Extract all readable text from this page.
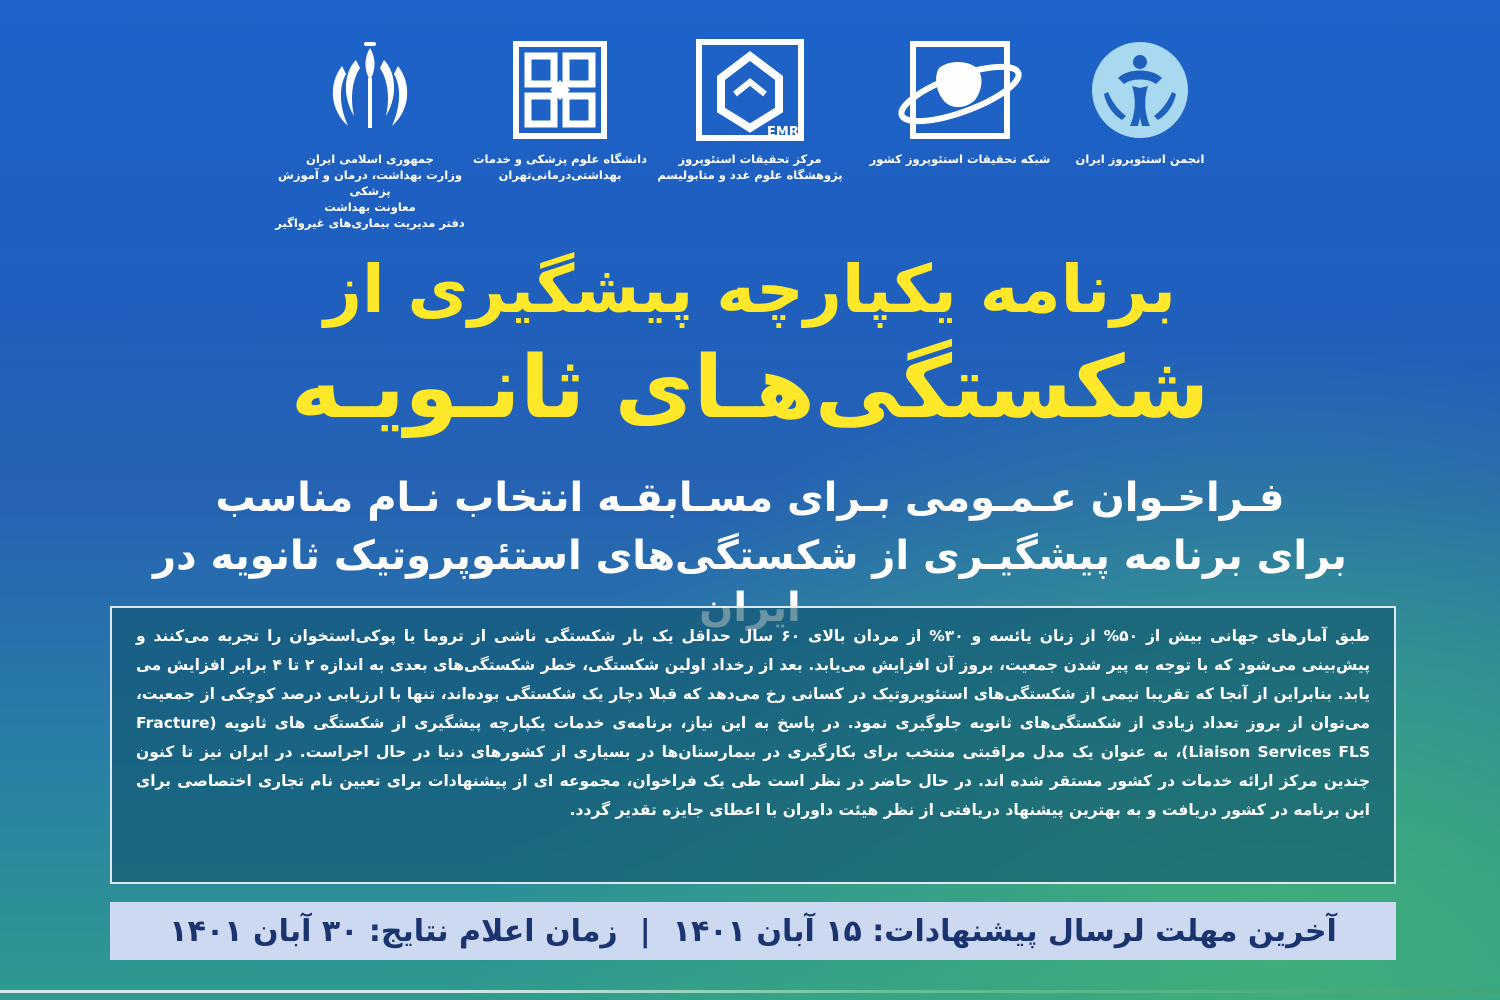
جمهوری اسلامی ایران
وزارت بهداشت، درمان و آموزش پزشکی
معاونت بهداشت
دفتر مدیریت بیماری‌های غیرواگیر
دانشگاه علوم پزشکی و خدمات
بهداشتی‌درمانی‌تهران
EMRI
مرکز تحقیقات استئوپروز
پژوهشگاه علوم غدد و متابولیسم
شبکه تحقیقات استئوپروز کشور	انجمن استئوپروز ایران
برنامه یکپارچه پیشگیری از
شکستگی‌هـای ثانـویـه
فـراخـوان عـمـومی بـرای مسـابقـه انتخاب نـام مناسب
برای برنامه پیشگیـری از شکستگی‌های استئوپروتیک ثانویه در

طبق آمارهای جهانی بیش از ۵۰% از زنان یائسه و ۳۰% از مردان بالای ۶۰ سال حداقل یک بار شکستگی ناشی از تروما یا پوکی‌استخوان را تجربه می‌کنند و پیش‌بینی می‌شود که با توجه به پیر شدن جمعیت، بروز آن افزایش می‌یابد. بعد از رخداد اولین شکستگی، خطر شکستگی‌های بعدی به اندازه ۲ تا ۴ برابر افزایش می یابد. بنابراین از آنجا که تقریبا نیمی از شکستگی‌های استئوپروتیک در کسانی رخ می‌دهد که قبلا دچار یک شکستگی بوده‌اند، تنها با ارزیابی درصد کوچکی از جمعیت، می‌توان از بروز تعداد زیادی از شکستگی‌های ثانویه جلوگیری نمود. در پاسخ به این نیاز، برنامه‌ی خدمات یکپارچه پیشگیری از شکستگی های ثانویه (Fracture Liaison Services FLS)، به عنوان یک مدل مراقبتی منتخب برای بکارگیری در بیمارستان‌ها در بسیاری از کشورهای دنیا در حال اجراست. در ایران نیز تا کنون چندین مرکز ارائه خدمات در کشور مستقر شده اند. در حال حاضر در نظر است طی یک فراخوان، مجموعه ای از پیشنهادات برای تعیین نام تجاری اختصاصی برای این برنامه در کشور دریافت و به بهترین پیشنهاد دریافتی از نظر هیئت داوران با اعطای جایزه تقدیر گردد.

آخرین مهلت لرسال پیشنهادات: ۱۵ آبان ۱۴۰۱
|
زمان اعلام نتایج: ۳۰ آبان ۱۴۰۱
